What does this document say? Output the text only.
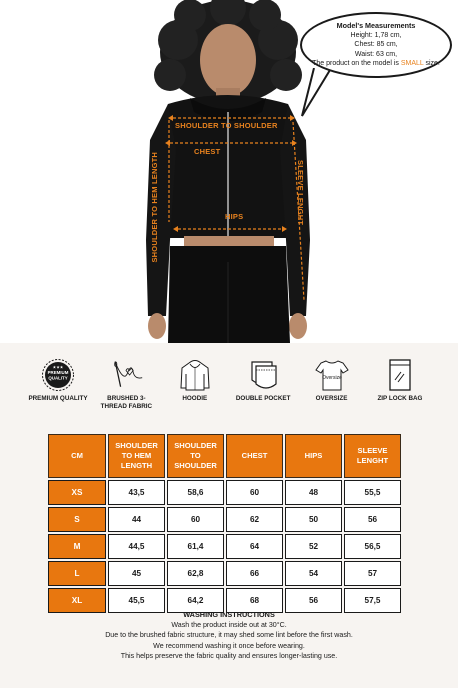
SHOULDER TO SHOULDER
CHEST
HIPS
SHOULDER TO HEM LENGTH	SLEEVE LENGHT
Model's Measurements
Height: 1,78 cm,
Chest: 85 cm,
Waist: 63 cm,
The product on the model is SMALL size.
PREMIUM
QUALITY
★★★
PREMIUM QUALITY	BRUSHED 3-THREAD FABRIC
HOODIE	DOUBLE POCKET
Oversize
OVERSIZE	ZIP LOCK BAG
CM	SHOULDER TO HEM LENGTH	SHOULDER TO SHOULDER	CHEST	HIPS	SLEEVE LENGHT
XS	43,5	58,6	60	48	55,5
S	44	60	62	50	56
M	44,5	61,4	64	52	56,5
L	45	62,8	66	54	57
XL	45,5	64,2	68	56	57,5
WASHING INSTRUCTIONS
Wash the product inside out at 30°C.
Due to the brushed fabric structure, it may shed some lint before the first wash.
We recommend washing it once before wearing.
This helps preserve the fabric quality and ensures longer-lasting use.
